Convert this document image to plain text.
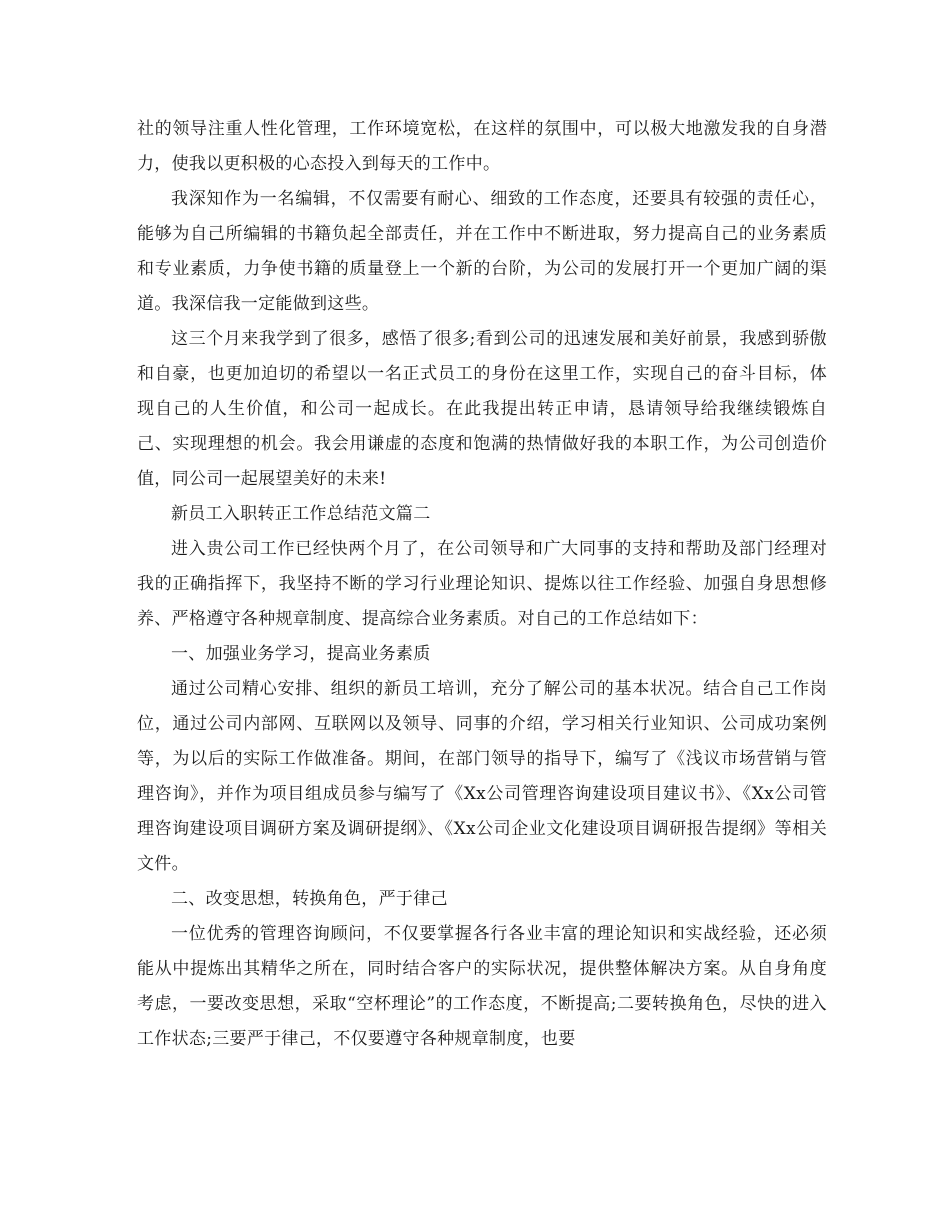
社的领导注重人性化管理，工作环境宽松，在这样的氛围中，可以极大地激发我的自身潜力，使我以更积极的心态投入到每天的工作中。

我深知作为一名编辑，不仅需要有耐心、细致的工作态度，还要具有较强的责任心，能够为自己所编辑的书籍负起全部责任，并在工作中不断进取，努力提高自己的业务素质和专业素质，力争使书籍的质量登上一个新的台阶，为公司的发展打开一个更加广阔的渠道。我深信我一定能做到这些。

这三个月来我学到了很多，感悟了很多;看到公司的迅速发展和美好前景，我感到骄傲和自豪，也更加迫切的希望以一名正式员工的身份在这里工作，实现自己的奋斗目标，体现自己的人生价值，和公司一起成长。在此我提出转正申请，恳请领导给我继续锻炼自己、实现理想的机会。我会用谦虚的态度和饱满的热情做好我的本职工作，为公司创造价值，同公司一起展望美好的未来!

新员工入职转正工作总结范文篇二

进入贵公司工作已经快两个月了，在公司领导和广大同事的支持和帮助及部门经理对我的正确指挥下，我坚持不断的学习行业理论知识、提炼以往工作经验、加强自身思想修养、严格遵守各种规章制度、提高综合业务素质。对自己的工作总结如下：

一、加强业务学习，提高业务素质

通过公司精心安排、组织的新员工培训，充分了解公司的基本状况。结合自己工作岗位，通过公司内部网、互联网以及领导、同事的介绍，学习相关行业知识、公司成功案例等，为以后的实际工作做准备。期间，在部门领导的指导下，编写了《浅议市场营销与管理咨询》，并作为项目组成员参与编写了《Xx公司管理咨询建设项目建议书》、《Xx公司管理咨询建设项目调研方案及调研提纲》、《Xx公司企业文化建设项目调研报告提纲》等相关文件。

二、改变思想，转换角色，严于律己

一位优秀的管理咨询顾问，不仅要掌握各行各业丰富的理论知识和实战经验，还必须能从中提炼出其精华之所在，同时结合客户的实际状况，提供整体解决方案。从自身角度考虑，一要改变思想，采取“空杯理论”的工作态度，不断提高;二要转换角色，尽快的进入工作状态;三要严于律己，不仅要遵守各种规章制度，也要
